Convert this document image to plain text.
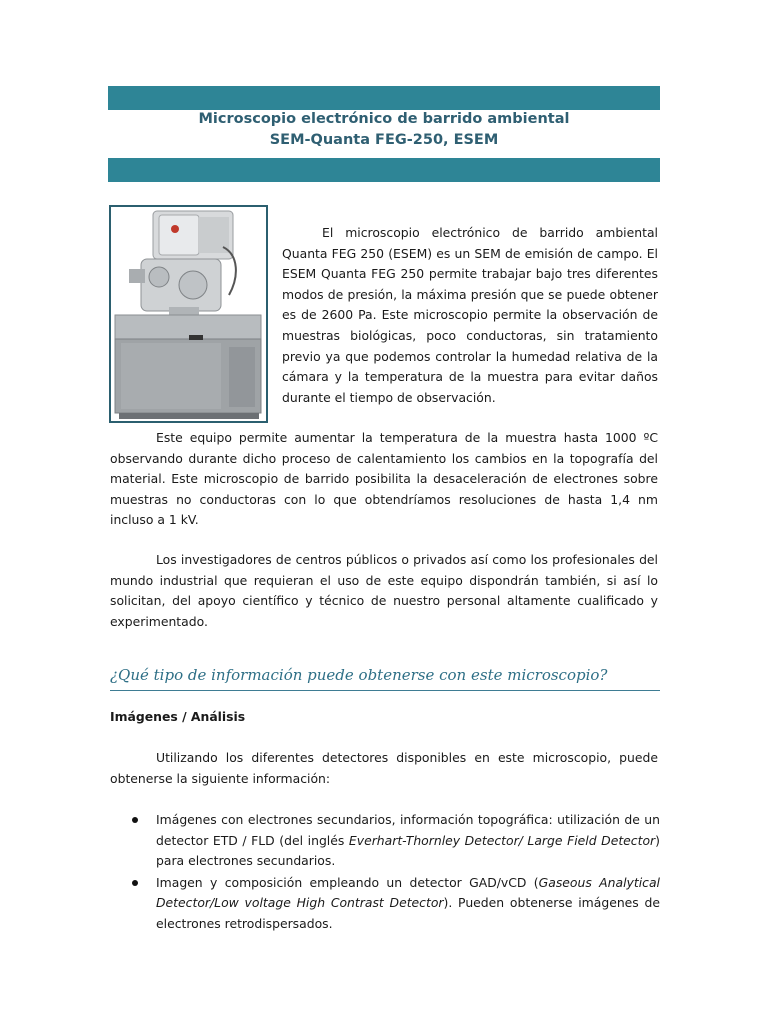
Microscopio electrónico de barrido ambiental
SEM-Quanta FEG-250, ESEM

El microscopio electrónico de barrido ambiental Quanta FEG 250 (ESEM) es un SEM de emisión de campo. El ESEM Quanta FEG 250 permite trabajar bajo tres diferentes modos de presión, la máxima presión que se puede obtener es de 2600 Pa. Este microscopio permite la observación de muestras biológicas, poco conductoras, sin tratamiento previo ya que podemos controlar la humedad relativa de la cámara y la temperatura de la muestra para evitar daños durante el tiempo de observación.

Este equipo permite aumentar la temperatura de la muestra hasta 1000 ºC observando durante dicho proceso de calentamiento los cambios en la topografía del material. Este microscopio de barrido posibilita la desaceleración de electrones sobre muestras no conductoras con lo que obtendríamos resoluciones de hasta 1,4 nm incluso a 1 kV.

Los investigadores de centros públicos o privados así como los profesionales del mundo industrial que requieran el uso de este equipo dispondrán también, si así lo solicitan, del apoyo científico y técnico de nuestro personal altamente cualificado y experimentado.

¿Qué tipo de información puede obtenerse con este microscopio?
Imágenes / Análisis

Utilizando los diferentes detectores disponibles en este microscopio, puede obtenerse la siguiente información:

Imágenes con electrones secundarios, información topográfica: utilización de un detector ETD / FLD (del inglés Everhart-Thornley Detector/ Large Field Detector) para electrones secundarios.
Imagen y composición empleando un detector GAD/vCD (Gaseous Analytical Detector/Low voltage High Contrast Detector). Pueden obtenerse imágenes de electrones retrodispersados.
